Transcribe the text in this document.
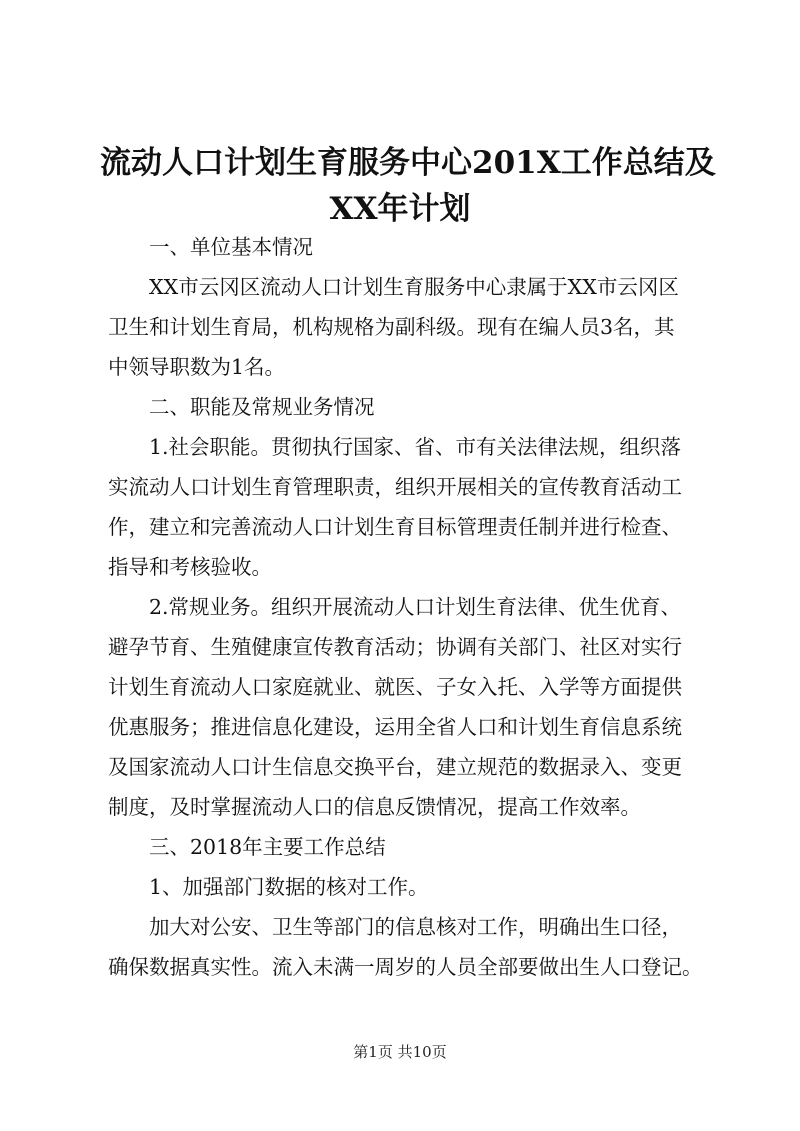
流动人口计划生育服务中心201X工作总结及
XX年计划

一、单位基本情况

XX市云冈区流动人口计划生育服务中心隶属于XX市云冈区
卫生和计划生育局，机构规格为副科级。现有在编人员3名，其
中领导职数为1名。

二、职能及常规业务情况

1.社会职能。贯彻执行国家、省、市有关法律法规，组织落
实流动人口计划生育管理职责，组织开展相关的宣传教育活动工
作，建立和完善流动人口计划生育目标管理责任制并进行检查、
指导和考核验收。

2.常规业务。组织开展流动人口计划生育法律、优生优育、
避孕节育、生殖健康宣传教育活动；协调有关部门、社区对实行
计划生育流动人口家庭就业、就医、子女入托、入学等方面提供
优惠服务；推进信息化建设，运用全省人口和计划生育信息系统
及国家流动人口计生信息交换平台，建立规范的数据录入、变更
制度，及时掌握流动人口的信息反馈情况，提高工作效率。

三、2018年主要工作总结

1、加强部门数据的核对工作。

加大对公安、卫生等部门的信息核对工作，明确出生口径，
确保数据真实性。流入未满一周岁的人员全部要做出生人口登记。

第1页 共10页
